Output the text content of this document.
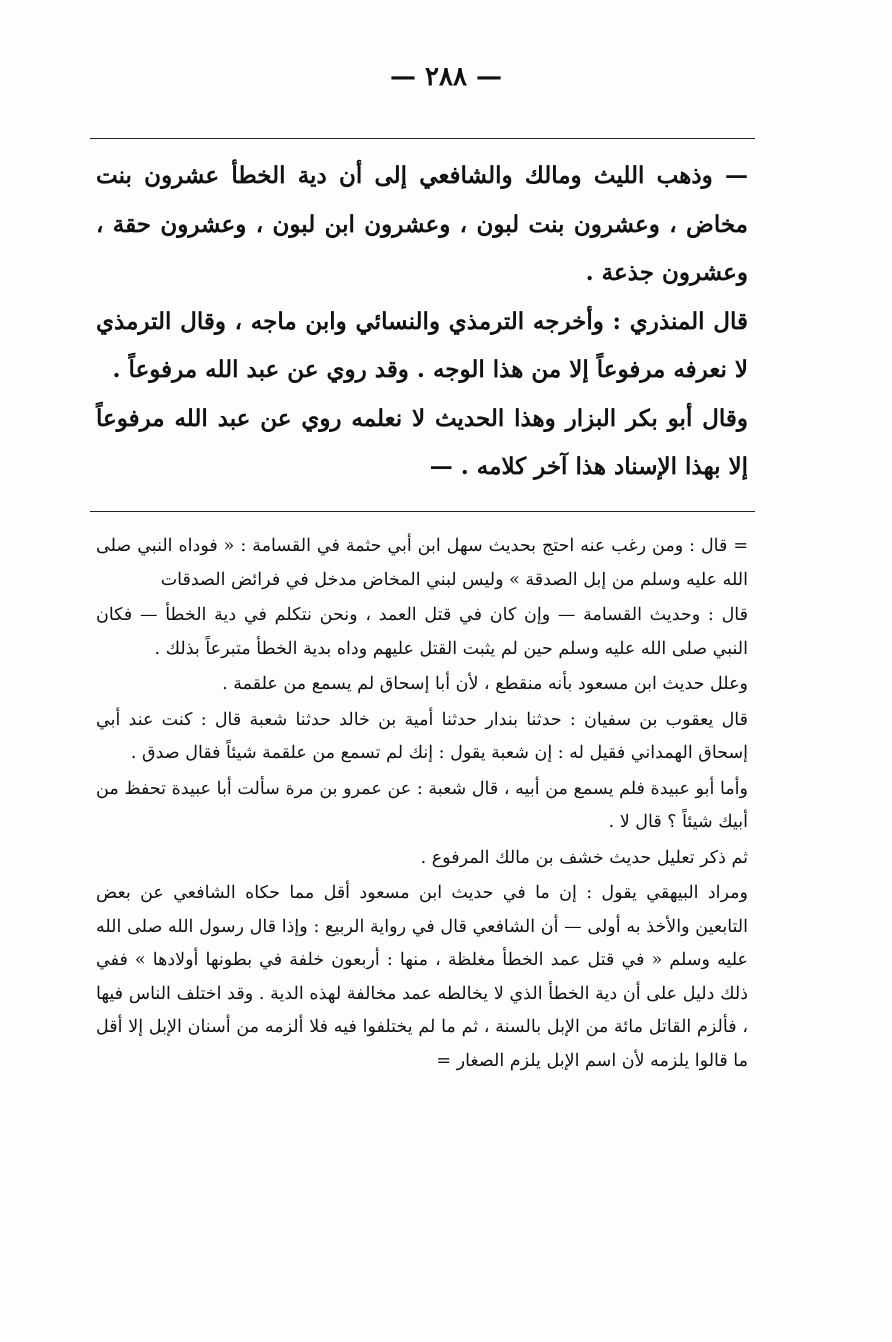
— ٢٨٨ —

— وذهب الليث ومالك والشافعي إلى أن دية الخطأ عشرون بنت مخاض ، وعشرون بنت لبون ، وعشرون ابن لبون ، وعشرون حقة ، وعشرون جذعة .

قال المنذري : وأخرجه الترمذي والنسائي وابن ماجه ، وقال الترمذي لا نعرفه مرفوعاً إلا من هذا الوجه . وقد روي عن عبد الله مرفوعاً .

وقال أبو بكر البزار وهذا الحديث لا نعلمه روي عن عبد الله مرفوعاً إلا بهذا الإسناد هذا آخر كلامه . —

= قال : ومن رغب عنه احتج بحديث سهل ابن أبي حثمة في القسامة : « فوداه النبي صلى الله عليه وسلم من إبل الصدقة » وليس لبني المخاض مدخل في فرائض الصدقات

قال : وحديث القسامة — وإن كان في قتل العمد ، ونحن نتكلم في دية الخطأ — فكان النبي صلى الله عليه وسلم حين لم يثبت القتل عليهم وداه بدية الخطأ متبرعاً بذلك .

وعلل حديث ابن مسعود بأنه منقطع ، لأن أبا إسحاق لم يسمع من علقمة .

قال يعقوب بن سفيان : حدثنا بندار حدثنا أمية بن خالد حدثنا شعبة قال : كنت عند أبي إسحاق الهمداني فقيل له : إن شعبة يقول : إنك لم تسمع من علقمة شيئاً فقال صدق .

وأما أبو عبيدة فلم يسمع من أبيه ، قال شعبة : عن عمرو بن مرة سألت أبا عبيدة تحفظ من أبيك شيئاً ؟ قال لا .

ثم ذكر تعليل حديث خشف بن مالك المرفوع .

ومراد البيهقي يقول : إن ما في حديث ابن مسعود أقل مما حكاه الشافعي عن بعض التابعين والأخذ به أولى — أن الشافعي قال في رواية الربيع : وإذا قال رسول الله صلى الله عليه وسلم « في قتل عمد الخطأ مغلظة ، منها : أربعون خلفة في بطونها أولادها » ففي ذلك دليل على أن دية الخطأ الذي لا يخالطه عمد مخالفة لهذه الدية . وقد اختلف الناس فيها ، فألزم القاتل مائة من الإبل بالسنة ، ثم ما لم يختلفوا فيه فلا ألزمه من أسنان الإبل إلا أقل ما قالوا يلزمه لأن اسم الإبل يلزم الصغار =
